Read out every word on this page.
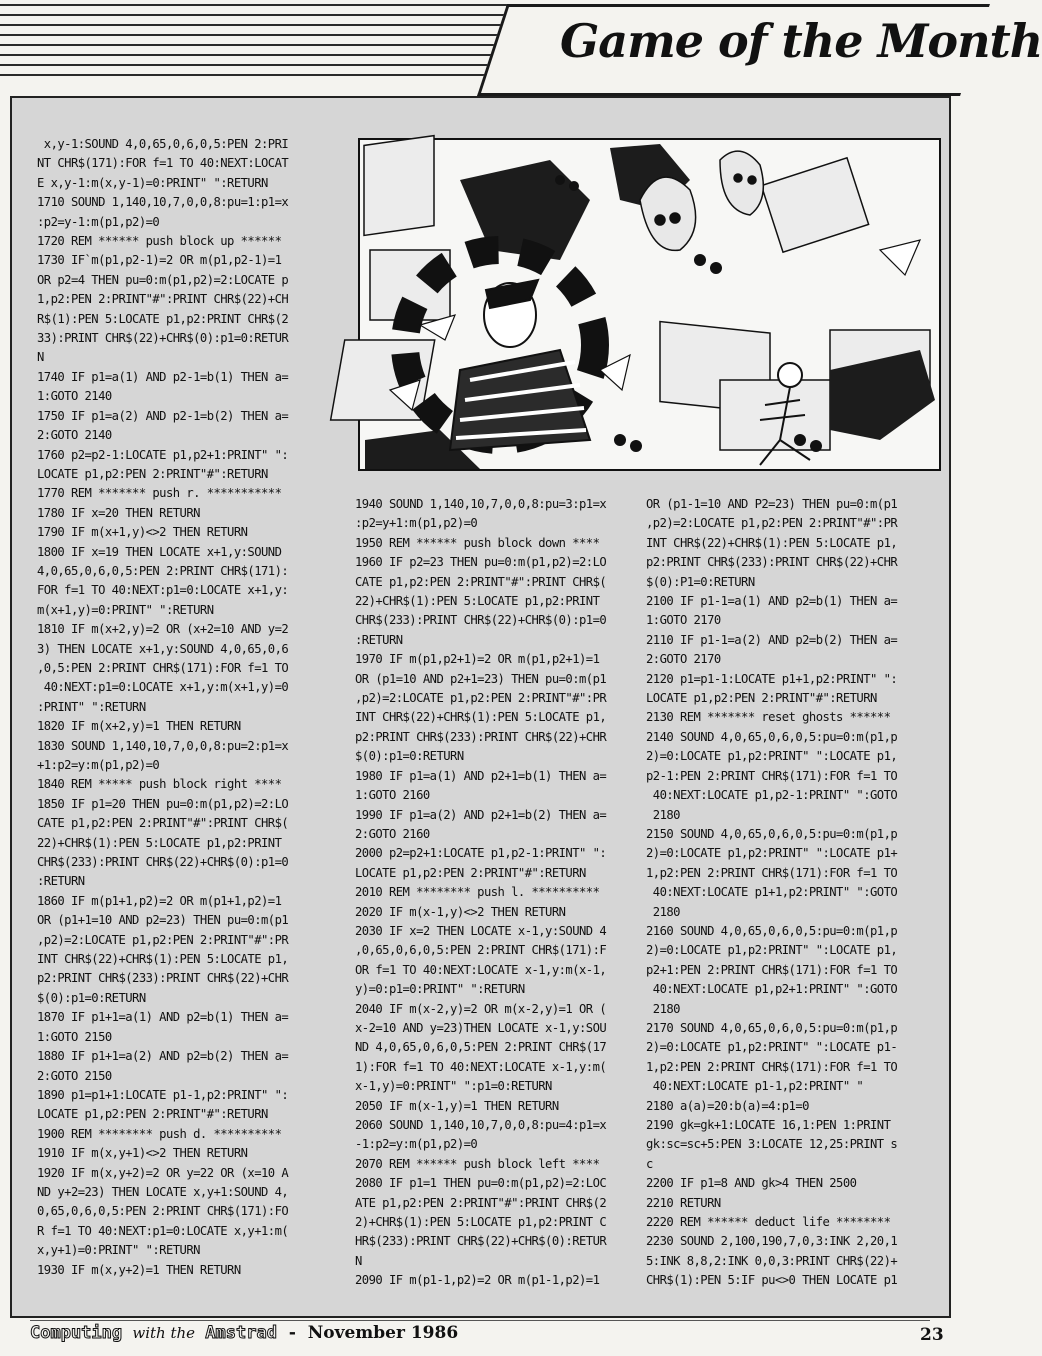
Game of the Month
x,y-1:SOUND 4,0,65,0,6,0,5:PEN 2:PRI
NT CHR$(171):FOR f=1 TO 40:NEXT:LOCAT
E x,y-1:m(x,y-1)=0:PRINT" ":RETURN
1710 SOUND 1,140,10,7,0,0,8:pu=1:p1=x
:p2=y-1:m(p1,p2)=0
1720 REM ****** push block up ******
1730 IF`m(p1,p2-1)=2 OR m(p1,p2-1)=1
OR p2=4 THEN pu=0:m(p1,p2)=2:LOCATE p
1,p2:PEN 2:PRINT"#":PRINT CHR$(22)+CH
R$(1):PEN 5:LOCATE p1,p2:PRINT CHR$(2
33):PRINT CHR$(22)+CHR$(0):p1=0:RETUR
N
1740 IF p1=a(1) AND p2-1=b(1) THEN a=
1:GOTO 2140
1750 IF p1=a(2) AND p2-1=b(2) THEN a=
2:GOTO 2140
1760 p2=p2-1:LOCATE p1,p2+1:PRINT" ":
LOCATE p1,p2:PEN 2:PRINT"#":RETURN
1770 REM ******* push r. ***********
1780 IF x=20 THEN RETURN
1790 IF m(x+1,y)<>2 THEN RETURN
1800 IF x=19 THEN LOCATE x+1,y:SOUND
4,0,65,0,6,0,5:PEN 2:PRINT CHR$(171):
FOR f=1 TO 40:NEXT:p1=0:LOCATE x+1,y:
m(x+1,y)=0:PRINT" ":RETURN
1810 IF m(x+2,y)=2 OR (x+2=10 AND y=2
3) THEN LOCATE x+1,y:SOUND 4,0,65,0,6
,0,5:PEN 2:PRINT CHR$(171):FOR f=1 TO
40:NEXT:p1=0:LOCATE x+1,y:m(x+1,y)=0
:PRINT" ":RETURN
1820 IF m(x+2,y)=1 THEN RETURN
1830 SOUND 1,140,10,7,0,0,8:pu=2:p1=x
+1:p2=y:m(p1,p2)=0
1840 REM ***** push block right ****
1850 IF p1=20 THEN pu=0:m(p1,p2)=2:LO
CATE p1,p2:PEN 2:PRINT"#":PRINT CHR$(
22)+CHR$(1):PEN 5:LOCATE p1,p2:PRINT
CHR$(233):PRINT CHR$(22)+CHR$(0):p1=0
:RETURN
1860 IF m(p1+1,p2)=2 OR m(p1+1,p2)=1
OR (p1+1=10 AND p2=23) THEN pu=0:m(p1
,p2)=2:LOCATE p1,p2:PEN 2:PRINT"#":PR
INT CHR$(22)+CHR$(1):PEN 5:LOCATE p1,
p2:PRINT CHR$(233):PRINT CHR$(22)+CHR
$(0):p1=0:RETURN
1870 IF p1+1=a(1) AND p2=b(1) THEN a=
1:GOTO 2150
1880 IF p1+1=a(2) AND p2=b(2) THEN a=
2:GOTO 2150
1890 p1=p1+1:LOCATE p1-1,p2:PRINT" ":
LOCATE p1,p2:PEN 2:PRINT"#":RETURN
1900 REM ******** push d. **********
1910 IF m(x,y+1)<>2 THEN RETURN
1920 IF m(x,y+2)=2 OR y=22 OR (x=10 A
ND y+2=23) THEN LOCATE x,y+1:SOUND 4,
0,65,0,6,0,5:PEN 2:PRINT CHR$(171):FO
R f=1 TO 40:NEXT:p1=0:LOCATE x,y+1:m(
x,y+1)=0:PRINT" ":RETURN
1930 IF m(x,y+2)=1 THEN RETURN
1940 SOUND 1,140,10,7,0,0,8:pu=3:p1=x
:p2=y+1:m(p1,p2)=0
1950 REM ****** push block down ****
1960 IF p2=23 THEN pu=0:m(p1,p2)=2:LO
CATE p1,p2:PEN 2:PRINT"#":PRINT CHR$(
22)+CHR$(1):PEN 5:LOCATE p1,p2:PRINT
CHR$(233):PRINT CHR$(22)+CHR$(0):p1=0
:RETURN
1970 IF m(p1,p2+1)=2 OR m(p1,p2+1)=1
OR (p1=10 AND p2+1=23) THEN pu=0:m(p1
,p2)=2:LOCATE p1,p2:PEN 2:PRINT"#":PR
INT CHR$(22)+CHR$(1):PEN 5:LOCATE p1,
p2:PRINT CHR$(233):PRINT CHR$(22)+CHR
$(0):p1=0:RETURN
1980 IF p1=a(1) AND p2+1=b(1) THEN a=
1:GOTO 2160
1990 IF p1=a(2) AND p2+1=b(2) THEN a=
2:GOTO 2160
2000 p2=p2+1:LOCATE p1,p2-1:PRINT" ":
LOCATE p1,p2:PEN 2:PRINT"#":RETURN
2010 REM ******** push l. **********
2020 IF m(x-1,y)<>2 THEN RETURN
2030 IF x=2 THEN LOCATE x-1,y:SOUND 4
,0,65,0,6,0,5:PEN 2:PRINT CHR$(171):F
OR f=1 TO 40:NEXT:LOCATE x-1,y:m(x-1,
y)=0:p1=0:PRINT" ":RETURN
2040 IF m(x-2,y)=2 OR m(x-2,y)=1 OR (
x-2=10 AND y=23)THEN LOCATE x-1,y:SOU
ND 4,0,65,0,6,0,5:PEN 2:PRINT CHR$(17
1):FOR f=1 TO 40:NEXT:LOCATE x-1,y:m(
x-1,y)=0:PRINT" ":p1=0:RETURN
2050 IF m(x-1,y)=1 THEN RETURN
2060 SOUND 1,140,10,7,0,0,8:pu=4:p1=x
-1:p2=y:m(p1,p2)=0
2070 REM ****** push block left ****
2080 IF p1=1 THEN pu=0:m(p1,p2)=2:LOC
ATE p1,p2:PEN 2:PRINT"#":PRINT CHR$(2
2)+CHR$(1):PEN 5:LOCATE p1,p2:PRINT C
HR$(233):PRINT CHR$(22)+CHR$(0):RETUR
N
2090 IF m(p1-1,p2)=2 OR m(p1-1,p2)=1
OR (p1-1=10 AND P2=23) THEN pu=0:m(p1
,p2)=2:LOCATE p1,p2:PEN 2:PRINT"#":PR
INT CHR$(22)+CHR$(1):PEN 5:LOCATE p1,
p2:PRINT CHR$(233):PRINT CHR$(22)+CHR
$(0):P1=0:RETURN
2100 IF p1-1=a(1) AND p2=b(1) THEN a=
1:GOTO 2170
2110 IF p1-1=a(2) AND p2=b(2) THEN a=
2:GOTO 2170
2120 p1=p1-1:LOCATE p1+1,p2:PRINT" ":
LOCATE p1,p2:PEN 2:PRINT"#":RETURN
2130 REM ******* reset ghosts ******
2140 SOUND 4,0,65,0,6,0,5:pu=0:m(p1,p
2)=0:LOCATE p1,p2:PRINT" ":LOCATE p1,
p2-1:PEN 2:PRINT CHR$(171):FOR f=1 TO
40:NEXT:LOCATE p1,p2-1:PRINT" ":GOTO
2180
2150 SOUND 4,0,65,0,6,0,5:pu=0:m(p1,p
2)=0:LOCATE p1,p2:PRINT" ":LOCATE p1+
1,p2:PEN 2:PRINT CHR$(171):FOR f=1 TO
40:NEXT:LOCATE p1+1,p2:PRINT" ":GOTO
2180
2160 SOUND 4,0,65,0,6,0,5:pu=0:m(p1,p
2)=0:LOCATE p1,p2:PRINT" ":LOCATE p1,
p2+1:PEN 2:PRINT CHR$(171):FOR f=1 TO
40:NEXT:LOCATE p1,p2+1:PRINT" ":GOTO
2180
2170 SOUND 4,0,65,0,6,0,5:pu=0:m(p1,p
2)=0:LOCATE p1,p2:PRINT" ":LOCATE p1-
1,p2:PEN 2:PRINT CHR$(171):FOR f=1 TO
40:NEXT:LOCATE p1-1,p2:PRINT" "
2180 a(a)=20:b(a)=4:p1=0
2190 gk=gk+1:LOCATE 16,1:PEN 1:PRINT
gk:sc=sc+5:PEN 3:LOCATE 12,25:PRINT s
c
2200 IF p1=8 AND gk>4 THEN 2500
2210 RETURN
2220 REM ****** deduct life ********
2230 SOUND 2,100,190,7,0,3:INK 2,20,1
5:INK 8,8,2:INK 0,0,3:PRINT CHR$(22)+
CHR$(1):PEN 5:IF pu<>0 THEN LOCATE p1
Computing with the Amstrad - November 1986	23
